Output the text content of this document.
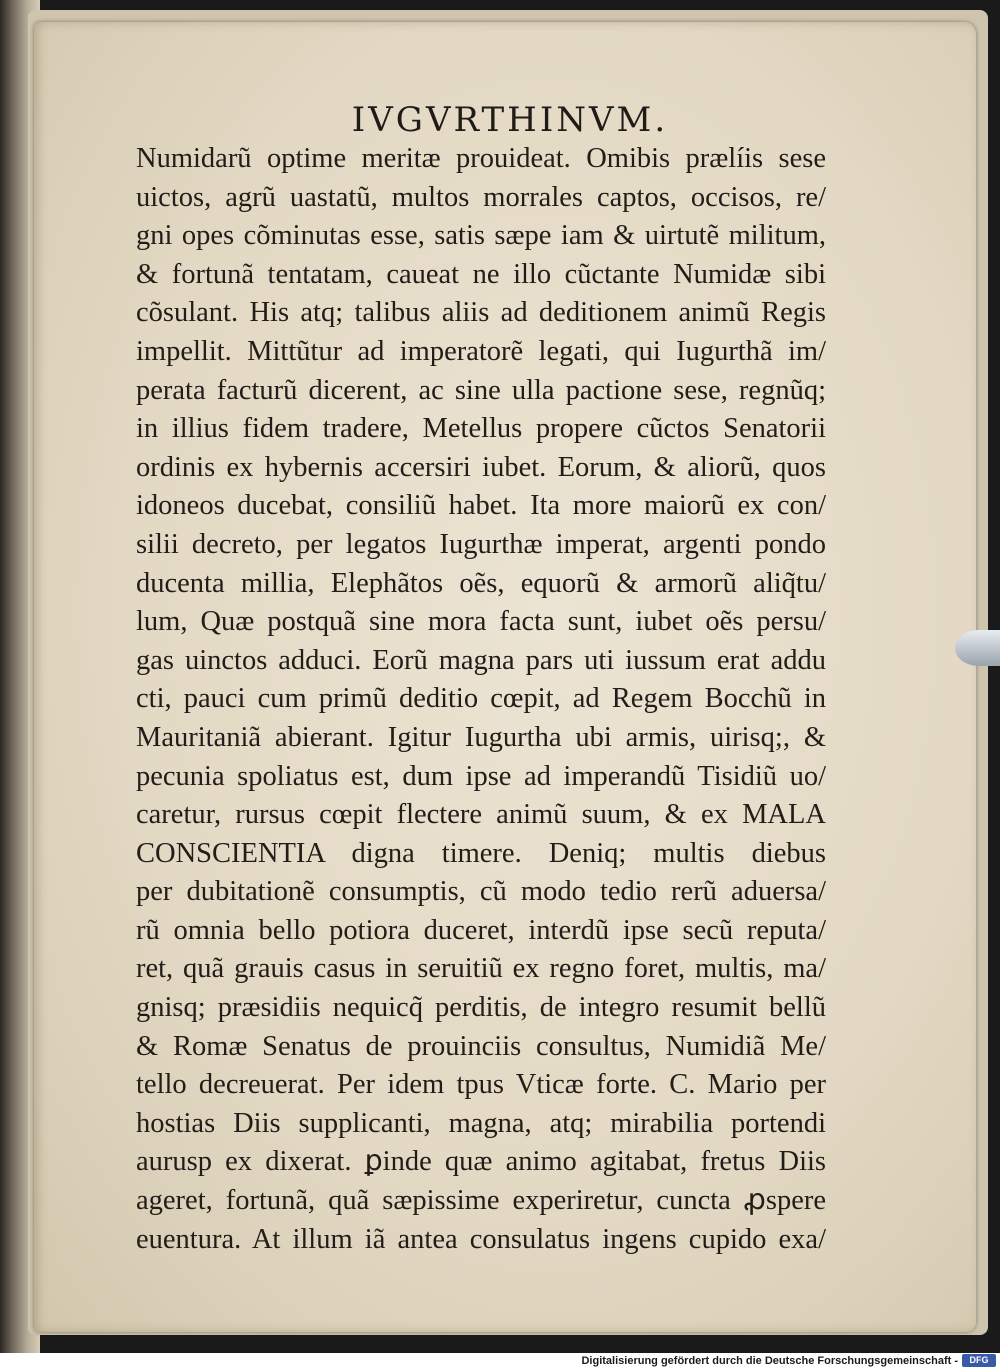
IVGVRTHINVM.
Numidarũ optime meritæ prouideat. Omibis prælíis sese
uictos, agrũ uastatũ, multos morrales captos, occisos, re/
gni opes cõminutas esse, satis sæpe iam & uirtutẽ militum,
& fortunã tentatam, caueat ne illo cũctante Numidæ sibi
cõsulant. His atq; talibus aliis ad deditionem animũ Regis
impellit. Mittũtur ad imperatorẽ legati, qui Iugurthã im/
perata facturũ dicerent, ac sine ulla pactione sese, regnũq;
in illius fidem tradere, Metellus propere cũctos Senatorii
ordinis ex hybernis accersiri iubet. Eorum, & aliorũ, quos
idoneos ducebat, consiliũ habet. Ita more maiorũ ex con/
silii decreto, per legatos Iugurthæ imperat, argenti pondo
ducenta millia, Elephãtos oẽs, equorũ & armorũ aliq̃tu/
lum, Quæ postquã sine mora facta sunt, iubet oẽs persu/
gas uinctos adduci. Eorũ magna pars uti iussum erat addu
cti, pauci cum primũ deditio cœpit, ad Regem Bocchũ in
Mauritaniã abierant. Igitur Iugurtha ubi armis, uirisq;, &
pecunia spoliatus est, dum ipse ad imperandũ Tisidiũ uo/
caretur, rursus cœpit flectere animũ suum, & ex MALA
CONSCIENTIA digna timere. Deniq; multis diebus
per dubitationẽ consumptis, cũ modo tedio rerũ aduersa/
rũ omnia bello potiora duceret, interdũ ipse secũ reputa/
ret, quã grauis casus in seruitiũ ex regno foret, multis, ma/
gnisq; præsidiis nequicq̃ perditis, de integro resumit bellũ
& Romæ Senatus de prouinciis consultus, Numidiã Me/
tello decreuerat. Per idem tpus Vticæ forte. C. Mario per
hostias Diis supplicanti, magna, atq; mirabilia portendi
aurusp ex dixerat. ꝑinde quæ animo agitabat, fretus Diis
ageret, fortunã, quã sæpissime experiretur, cuncta ꝓspere
euentura. At illum iã antea consulatus ingens cupido exa/
Digitalisierung gefördert durch die Deutsche Forschungsgemeinschaft -	DFG
